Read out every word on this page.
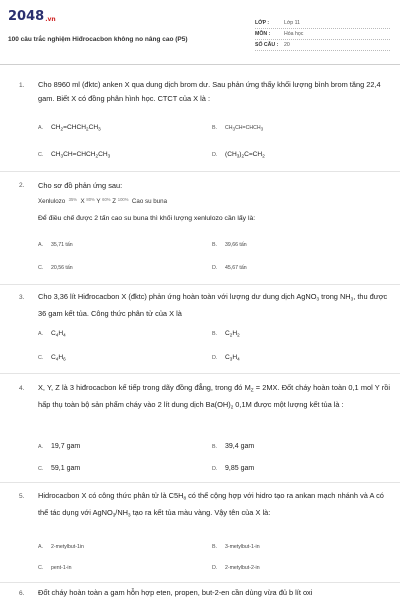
$2048_{.vn}$
100 câu trắc nghiệm Hiđrocacbon không no nâng cao (P5)
LỚP :	Lớp 11
MÔN :	Hóa học
SỐ CÂU :	20
1. Cho 8960 ml (đktc) anken X qua dung dịch brom dư. Sau phản ứng thấy khối lượng bình brom tăng 22,4 gam. Biết X có đồng phân hình học. CTCT của X là :
A. $CH_2=CHCH_2CH_3$	B. CH3CH=CHCH3
C. $CH_3CH=CHCH_2CH_3$	D. $(CH_3)_2C=CH_2$
2. Cho sơ đồ phản ứng sau:
Xenlulozo $^{35\%}$ X $^{80\%}$ Y $^{60\%}$ Z $^{100\%}$ Cao su buna
Để điều chế được 2 tấn cao su buna thì khối lượng xenlulozo cần lấy là:
A. 35,71 tấn	B. 39,66 tấn
C. 20,56 tấn	D. 45,67 tấn
3. Cho 3,36 lít Hiđrocacbon X (đktc) phản ứng hoàn toàn với lượng dư dung dịch AgNO$_3$ trong $NH_3$, thu được 36 gam kết tủa. Công thức phân tử của X là
A. $C_4H_4$	B. $C_2H_2$
C. $C_4H_6$	D. $C_3H_4$
4. X, Y, Z là 3 hiđrocacbon kế tiếp trong dãy đồng đẳng, trong đó $M_Z = 2MX$. Đốt cháy hoàn toàn 0,1 mol Y rồi hấp thụ toàn bộ sản phẩm cháy vào 2 lít dung dịch $Ba(OH)_2$ 0,1M được một lượng kết tủa là :
A. 19,7 gam	B. 39,4 gam
C. 59,1 gam	D. 9,85 gam
5. Hidrocacbon X có công thức phân tử là $C5H_8$ có thể cộng hợp với hidro tạo ra ankan mạch nhánh và A có thể tác dụng với $AgNO_3/NH_3$ tạo ra kết tủa màu vàng. Vậy tên của X là:
A. 2-metylbut-1in	B. 3-metylbut-1-in
C. pent-1-in	D. 2-metylbut-2-in
6. Đốt cháy hoàn toàn a gam hỗn hợp eten, propen, but-2-en cần dùng vừa đủ b lít oxi
